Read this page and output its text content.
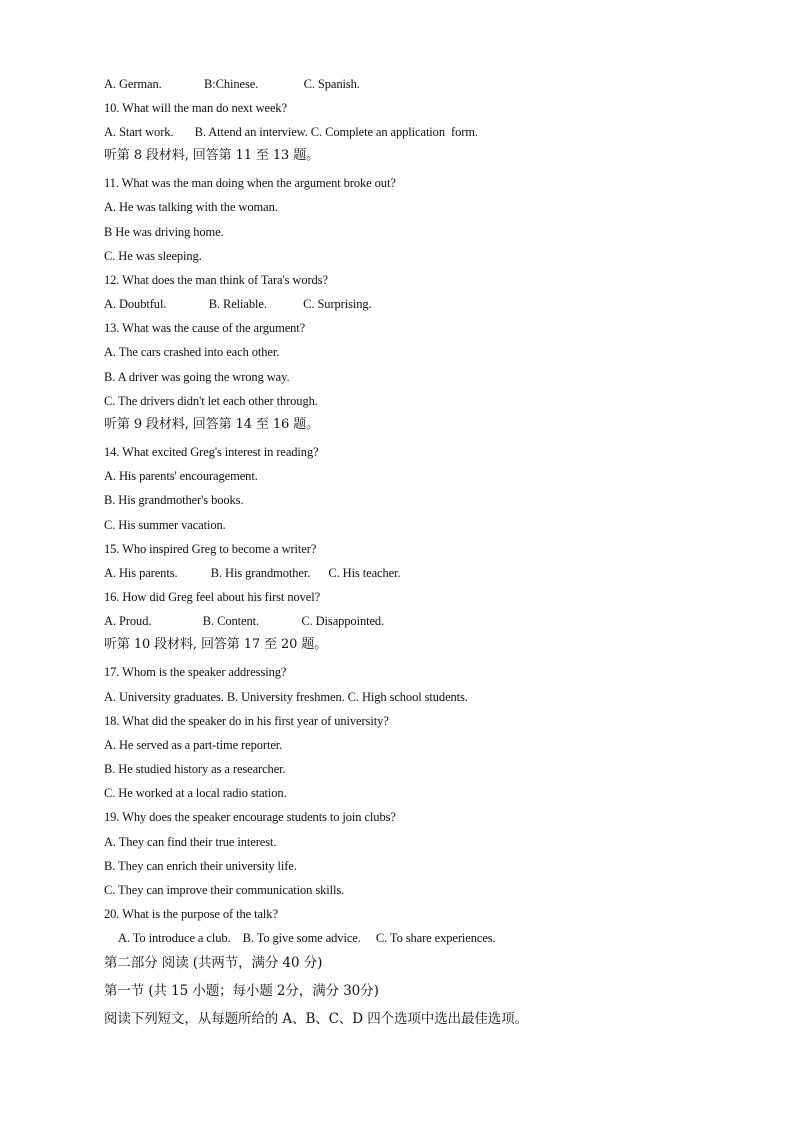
A. German.              B:Chinese.               C. Spanish.
10. What will the man do next week?
A. Start work.       B. Attend an interview. C. Complete an application  form.
听第 8 段材料, 回答第 11 至 13 题。
11. What was the man doing when the argument broke out?
A. He was talking with the woman.
B He was driving home.
C. He was sleeping.
12. What does the man think of Tara's words?
A. Doubtful.              B. Reliable.            C. Surprising.
13. What was the cause of the argument?
A. The cars crashed into each other.
B. A driver was going the wrong way.
C. The drivers didn't let each other through.
听第 9 段材料, 回答第 14 至 16 题。
14. What excited Greg's interest in reading?
A. His parents' encouragement.
B. His grandmother's books.
C. His summer vacation.
15. Who inspired Greg to become a writer?
A. His parents.           B. His grandmother.      C. His teacher.
16. How did Greg feel about his first novel?
A. Proud.                 B. Content.              C. Disappointed.
听第 10 段材料, 回答第 17 至 20 题。
17. Whom is the speaker addressing?
A. University graduates. B. University freshmen. C. High school students.
18. What did the speaker do in his first year of university?
A. He served as a part-time reporter.
B. He studied history as a researcher.
C. He worked at a local radio station.
19. Why does the speaker encourage students to join clubs?
A. They can find their true interest.
B. They can enrich their university life.
C. They can improve their communication skills.
20. What is the purpose of the talk?
A. To introduce a club.    B. To give some advice.     C. To share experiences.
第二部分 阅读 (共两节，满分 40 分)
第一节 (共 15 小题；每小题 2分，满分 30分)
阅读下列短文，从每题所给的 A、B、C、D 四个选项中选出最佳选项。
